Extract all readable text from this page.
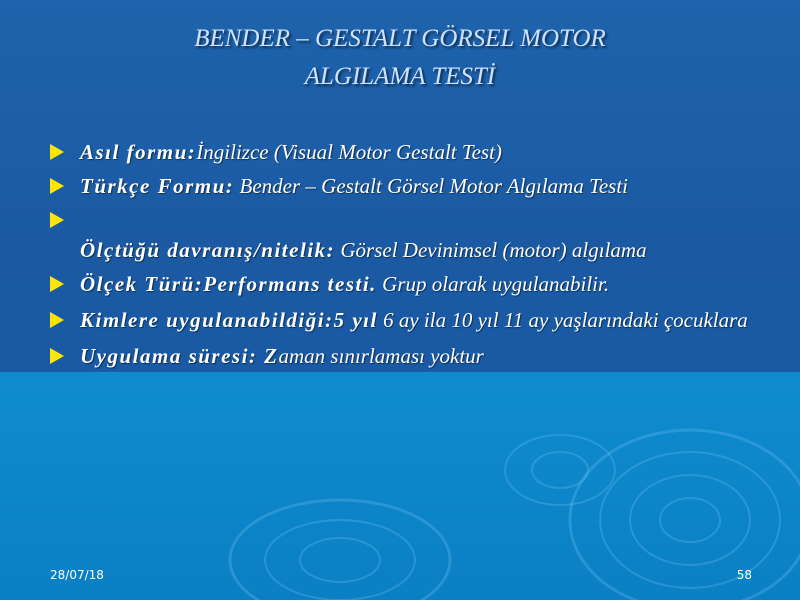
BENDER – GESTALT GÖRSEL MOTOR
ALGILAMA TESTİ
Asıl formu:İngilizce (Visual Motor Gestalt Test)
Türkçe Formu: Bender – Gestalt Görsel Motor Algılama Testi
Ölçtüğü davranış/nitelik: Görsel Devinimsel (motor) algılama
Ölçek Türü:Performans testi. Grup olarak uygulanabilir.
Kimlere uygulanabildiği:5 yıl 6 ay ila 10 yıl 11 ay yaşlarındaki çocuklara
Uygulama süresi: Zaman sınırlaması yoktur
28/07/18	58
